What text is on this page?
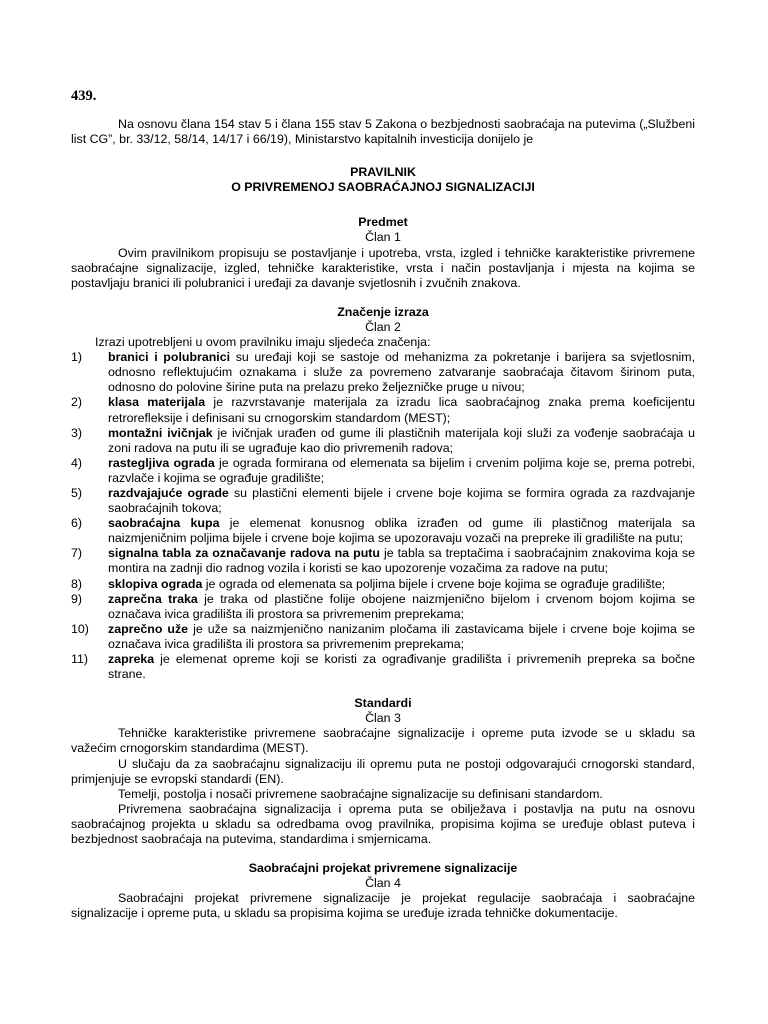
439.
Na osnovu člana 154 stav 5 i člana 155 stav 5 Zakona o bezbjednosti saobraćaja na putevima („Službeni list CG”, br. 33/12, 58/14, 14/17 i 66/19), Ministarstvo kapitalnih investicija donijelo je
PRAVILNIK
O PRIVREMENOJ SAOBRAĆAJNOJ SIGNALIZACIJI
Predmet
Član 1
Ovim pravilnikom propisuju se postavljanje i upotreba, vrsta, izgled i tehničke karakteristike privremene saobraćajne signalizacije, izgled, tehničke karakteristike, vrsta i način postavljanja i mjesta na kojima se postavljaju branici ili polubranici i uređaji za davanje svjetlosnih i zvučnih znakova.
Značenje izraza
Član 2
Izrazi upotrebljeni u ovom pravilniku imaju sljedeća značenja:
1)	branici i polubranici su uređaji koji se sastoje od mehanizma za pokretanje i barijera sa svjetlosnim, odnosno reflektujućim oznakama i služe za povremeno zatvaranje saobraćaja čitavom širinom puta, odnosno do polovine širine puta na prelazu preko željezničke pruge u nivou;
2)	klasa materijala je razvrstavanje materijala za izradu lica saobraćajnog znaka prema koeficijentu retrorefleksije i definisani su crnogorskim standardom (MEST);
3)	montažni ivičnjak je ivičnjak urađen od gume ili plastičnih materijala koji služi za vođenje saobraćaja u zoni radova na putu ili se ugrađuje kao dio privremenih radova;
4)	rastegljiva ograda je ograda formirana od elemenata sa bijelim i crvenim poljima koje se, prema potrebi, razvlače i kojima se ograđuje gradilište;
5)	razdvajajuće ograde su plastični elementi bijele i crvene boje kojima se formira ograda za razdvajanje saobraćajnih tokova;
6)	saobraćajna kupa je elemenat konusnog oblika izrađen od gume ili plastičnog materijala sa naizmjeničnim poljima bijele i crvene boje kojima se upozoravaju vozači na prepreke ili gradilište na putu;
7)	signalna tabla za označavanje radova na putu je tabla sa treptačima i saobraćajnim znakovima koja se montira na zadnji dio radnog vozila i koristi se kao upozorenje vozačima za radove na putu;
8)	sklopiva ograda je ograda od elemenata sa poljima bijele i crvene boje kojima se ograđuje gradilište;
9)	zaprečna traka je traka od plastične folije obojene naizmjenično bijelom i crvenom bojom kojima se označava ivica gradilišta ili prostora sa privremenim preprekama;
10)	zaprečno uže je uže sa naizmjenično nanizanim pločama ili zastavicama bijele i crvene boje kojima se označava ivica gradilišta ili prostora sa privremenim preprekama;
11)	zapreka je elemenat opreme koji se koristi za ograđivanje gradilišta i privremenih prepreka sa bočne strane.
Standardi
Član 3
Tehničke karakteristike privremene saobraćajne signalizacije i opreme puta izvode se u skladu sa važećim crnogorskim standardima (MEST).
U slučaju da za saobraćajnu signalizaciju ili opremu puta ne postoji odgovarajući crnogorski standard, primjenjuje se evropski standardi (EN).
Temelji, postolja i nosači privremene saobraćajne signalizacije su definisani standardom.
Privremena saobraćajna signalizacija i oprema puta se obilježava i postavlja na putu na osnovu saobraćajnog projekta u skladu sa odredbama ovog pravilnika, propisima kojima se uređuje oblast puteva i bezbjednost saobraćaja na putevima, standardima i smjernicama.
Saobraćajni projekat privremene signalizacije
Član 4
Saobraćajni projekat privremene signalizacije je projekat regulacije saobraćaja i saobraćajne signalizacije i opreme puta, u skladu sa propisima kojima se uređuje izrada tehničke dokumentacije.
